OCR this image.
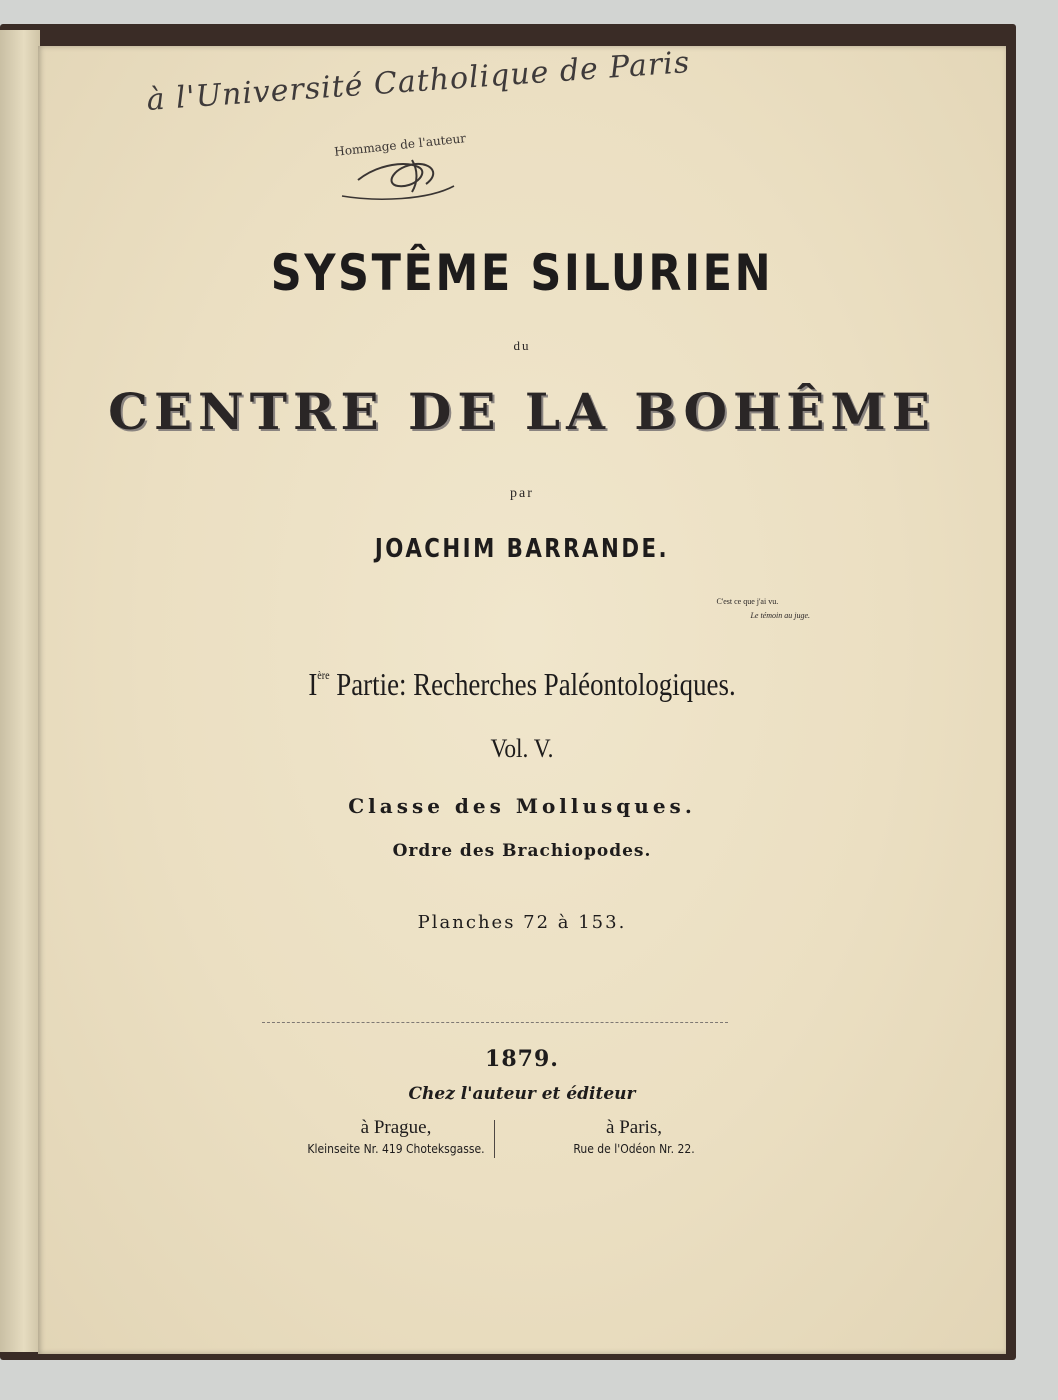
à l'Université Catholique de Paris
Hommage de l'auteur
SYSTÊME SILURIEN
du
CENTRE DE LA BOHÊME
par
JOACHIM BARRANDE.
C'est ce que j'ai vu.
Le témoin au juge.
Ière Partie: Recherches Paléontologiques.
Vol. V.
Classe des Mollusques.
Ordre des Brachiopodes.
Planches 72 à 153.
1879.
Chez l'auteur et éditeur
à Prague,
Kleinseite Nr. 419 Choteksgasse.
à Paris,
Rue de l'Odéon Nr. 22.
